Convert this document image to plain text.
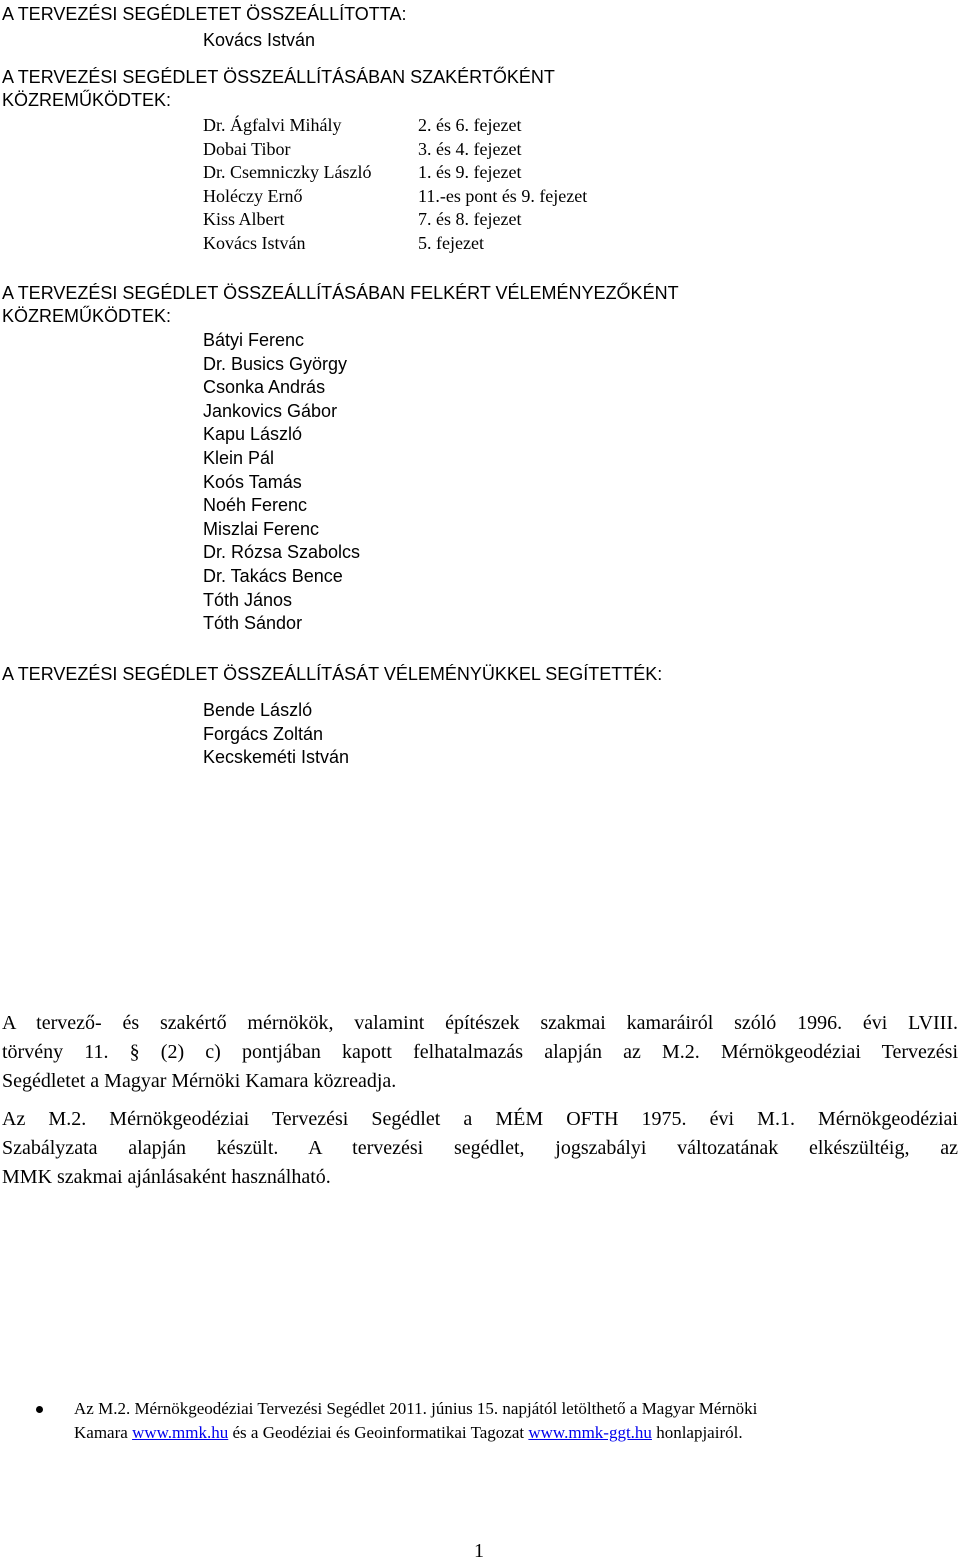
A TERVEZÉSI SEGÉDLETET ÖSSZEÁLLÍTOTTA:
Kovács István
A TERVEZÉSI SEGÉDLET ÖSSZEÁLLÍTÁSÁBAN SZAKÉRTŐKÉNT
KÖZREMŰKÖDTEK:
Dr. Ágfalvi Mihály	2. és 6. fejezet
Dobai Tibor	3. és 4. fejezet
Dr. Csemniczky László	1. és 9. fejezet
Holéczy Ernő	11.-es pont és 9. fejezet
Kiss Albert	7. és 8. fejezet
Kovács István	5. fejezet
A TERVEZÉSI SEGÉDLET ÖSSZEÁLLÍTÁSÁBAN FELKÉRT VÉLEMÉNYEZŐKÉNT
KÖZREMŰKÖDTEK:
Bátyi Ferenc
Dr. Busics György
Csonka András
Jankovics Gábor
Kapu László
Klein Pál
Koós Tamás
Noéh Ferenc
Miszlai Ferenc
Dr. Rózsa Szabolcs
Dr. Takács Bence
Tóth János
Tóth Sándor
A TERVEZÉSI SEGÉDLET ÖSSZEÁLLÍTÁSÁT VÉLEMÉNYÜKKEL SEGÍTETTÉK:
Bende László
Forgács Zoltán
Kecskeméti István
A tervező- és szakértő mérnökök, valamint építészek szakmai kamaráiról szóló 1996. évi LVIII.
törvény 11. § (2) c) pontjában kapott felhatalmazás alapján az M.2. Mérnökgeodéziai Tervezési
Segédletet a Magyar Mérnöki Kamara közreadja.
Az M.2. Mérnökgeodéziai Tervezési Segédlet a MÉM OFTH 1975. évi M.1. Mérnökgeodéziai
Szabályzata alapján készült. A tervezési segédlet, jogszabályi változatának elkészültéig, az
MMK szakmai ajánlásaként használható.
Az M.2. Mérnökgeodéziai Tervezési Segédlet 2011. június 15. napjától letölthető a Magyar Mérnöki
Kamara www.mmk.hu és a Geodéziai és Geoinformatikai Tagozat www.mmk-ggt.hu honlapjairól.
1
